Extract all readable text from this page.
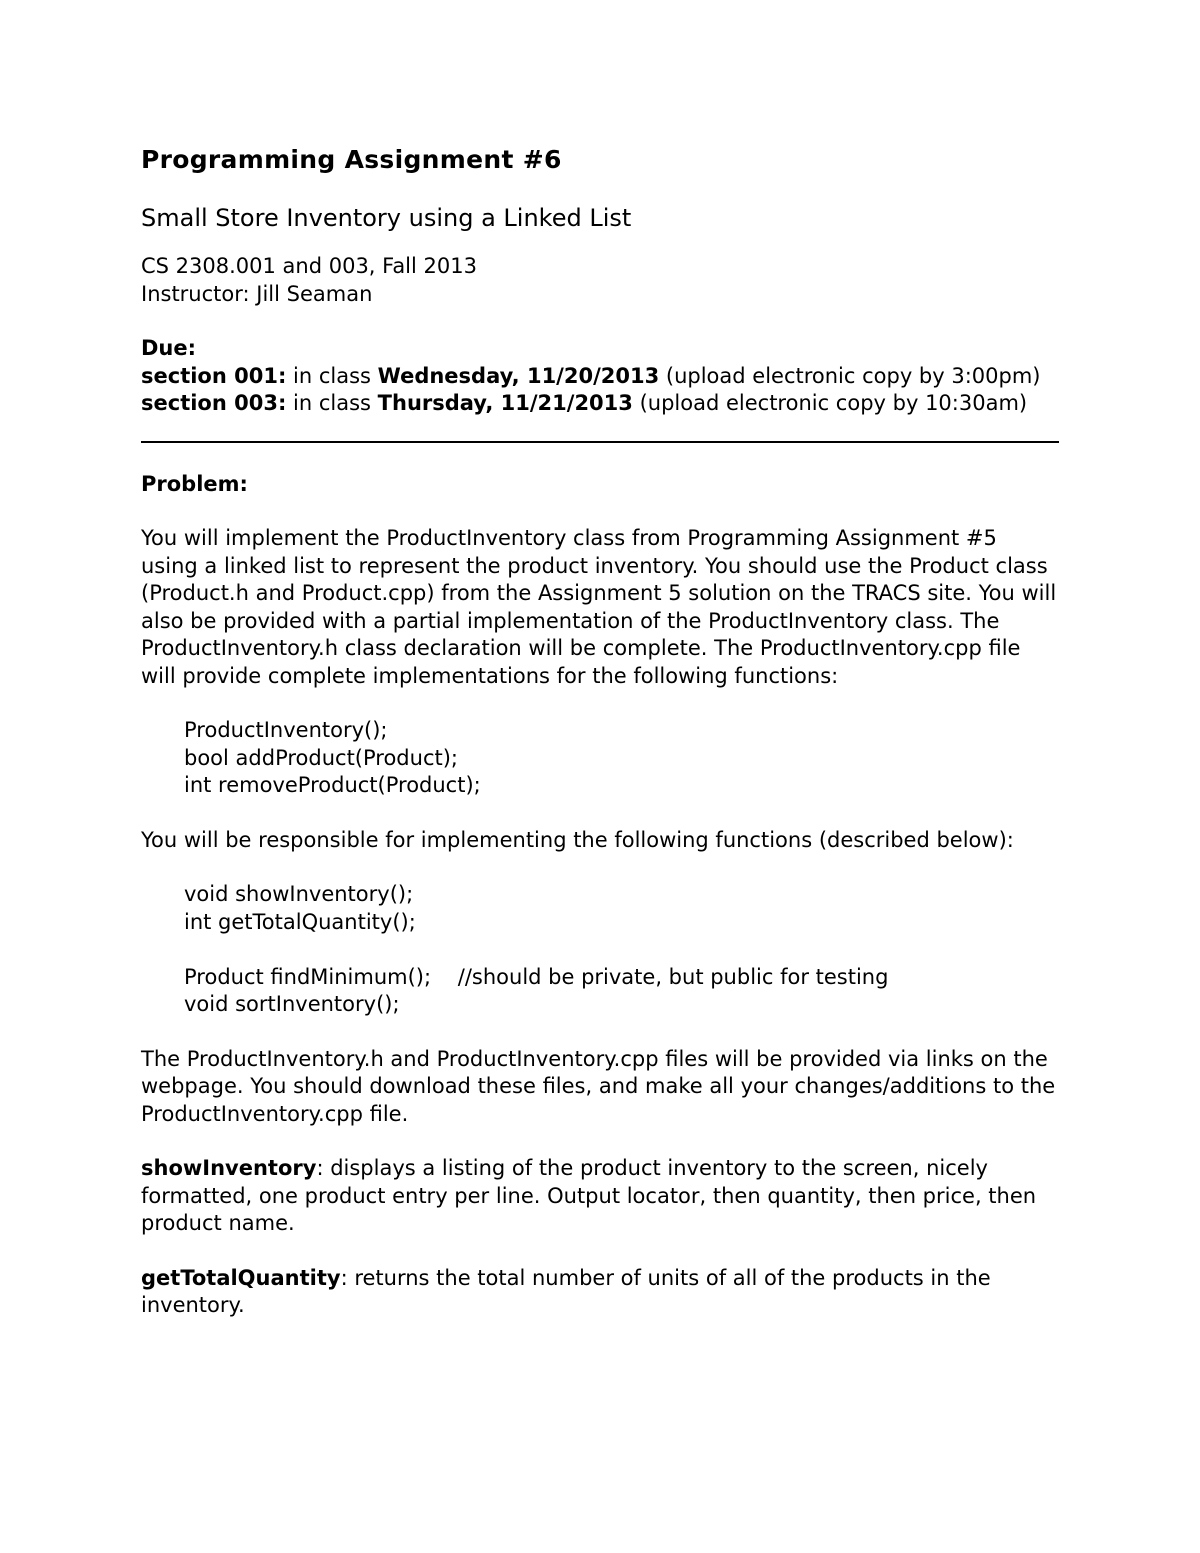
Programming Assignment #6
Small Store Inventory using a Linked List
CS 2308.001 and 003, Fall 2013
Instructor: Jill Seaman
Due:
section 001: in class Wednesday, 11/20/2013 (upload electronic copy by 3:00pm)
section 003: in class Thursday, 11/21/2013 (upload electronic copy by 10:30am)
Problem:

You will implement the ProductInventory class from Programming Assignment #5 using a linked list to represent the product inventory. You should use the Product class (Product.h and Product.cpp) from the Assignment 5 solution on the TRACS site. You will also be provided with a partial implementation of the ProductInventory class. The ProductInventory.h class declaration will be complete. The ProductInventory.cpp file will provide complete implementations for the following functions:

ProductInventory();
bool addProduct(Product);
int removeProduct(Product);

You will be responsible for implementing the following functions (described below):

void showInventory();
int getTotalQuantity();
Product findMinimum();    //should be private, but public for testing
void sortInventory();

The ProductInventory.h and ProductInventory.cpp files will be provided via links on the webpage. You should download these files, and make all your changes/additions to the ProductInventory.cpp file.

showInventory: displays a listing of the product inventory to the screen, nicely formatted, one product entry per line. Output locator, then quantity, then price, then product name.

getTotalQuantity: returns the total number of units of all of the products in the inventory.
